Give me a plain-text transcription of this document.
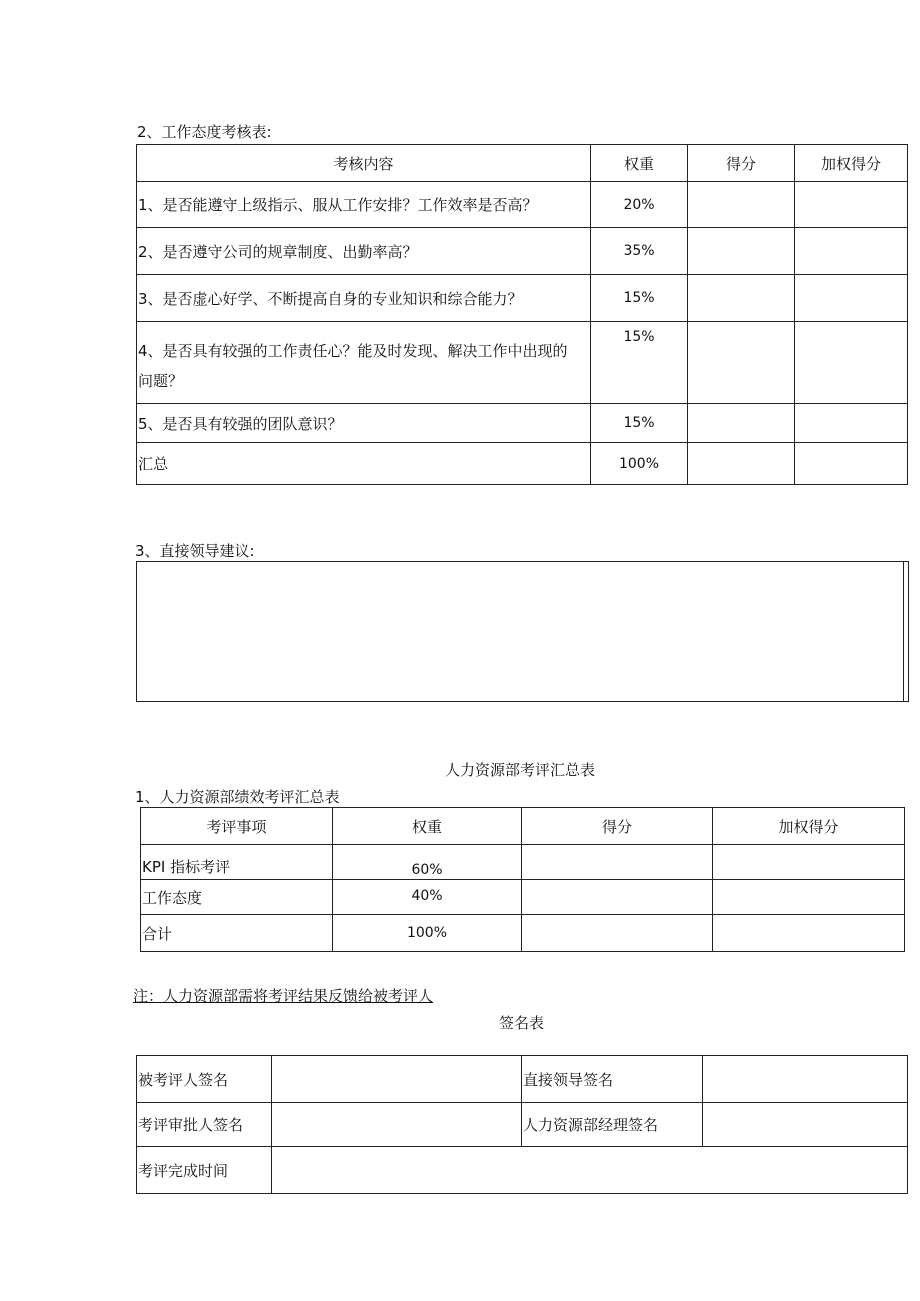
2、工作态度考核表:
考核内容	权重	得分	加权得分
1、是否能遵守上级指示、服从工作安排？工作效率是否高？	20%		
2、是否遵守公司的规章制度、出勤率高？	35%		
3、是否虚心好学、不断提高自身的专业知识和综合能力？	15%		

4、是否具有较强的工作责任心？能及时发现、解决工作中出现的
问题？	15%		
5、是否具有较强的团队意识？	15%		
汇总	100%		
3、直接领导建议:
人力资源部考评汇总表
1、人力资源部绩效考评汇总表
考评事项	权重	得分	加权得分
KPI 指标考评	60%		
工作态度	40%		
合计	100%		
注：人力资源部需将考评结果反馈给被考评人
签名表
被考评人签名		直接领导签名	
考评审批人签名		人力资源部经理签名	
考评完成时间			
